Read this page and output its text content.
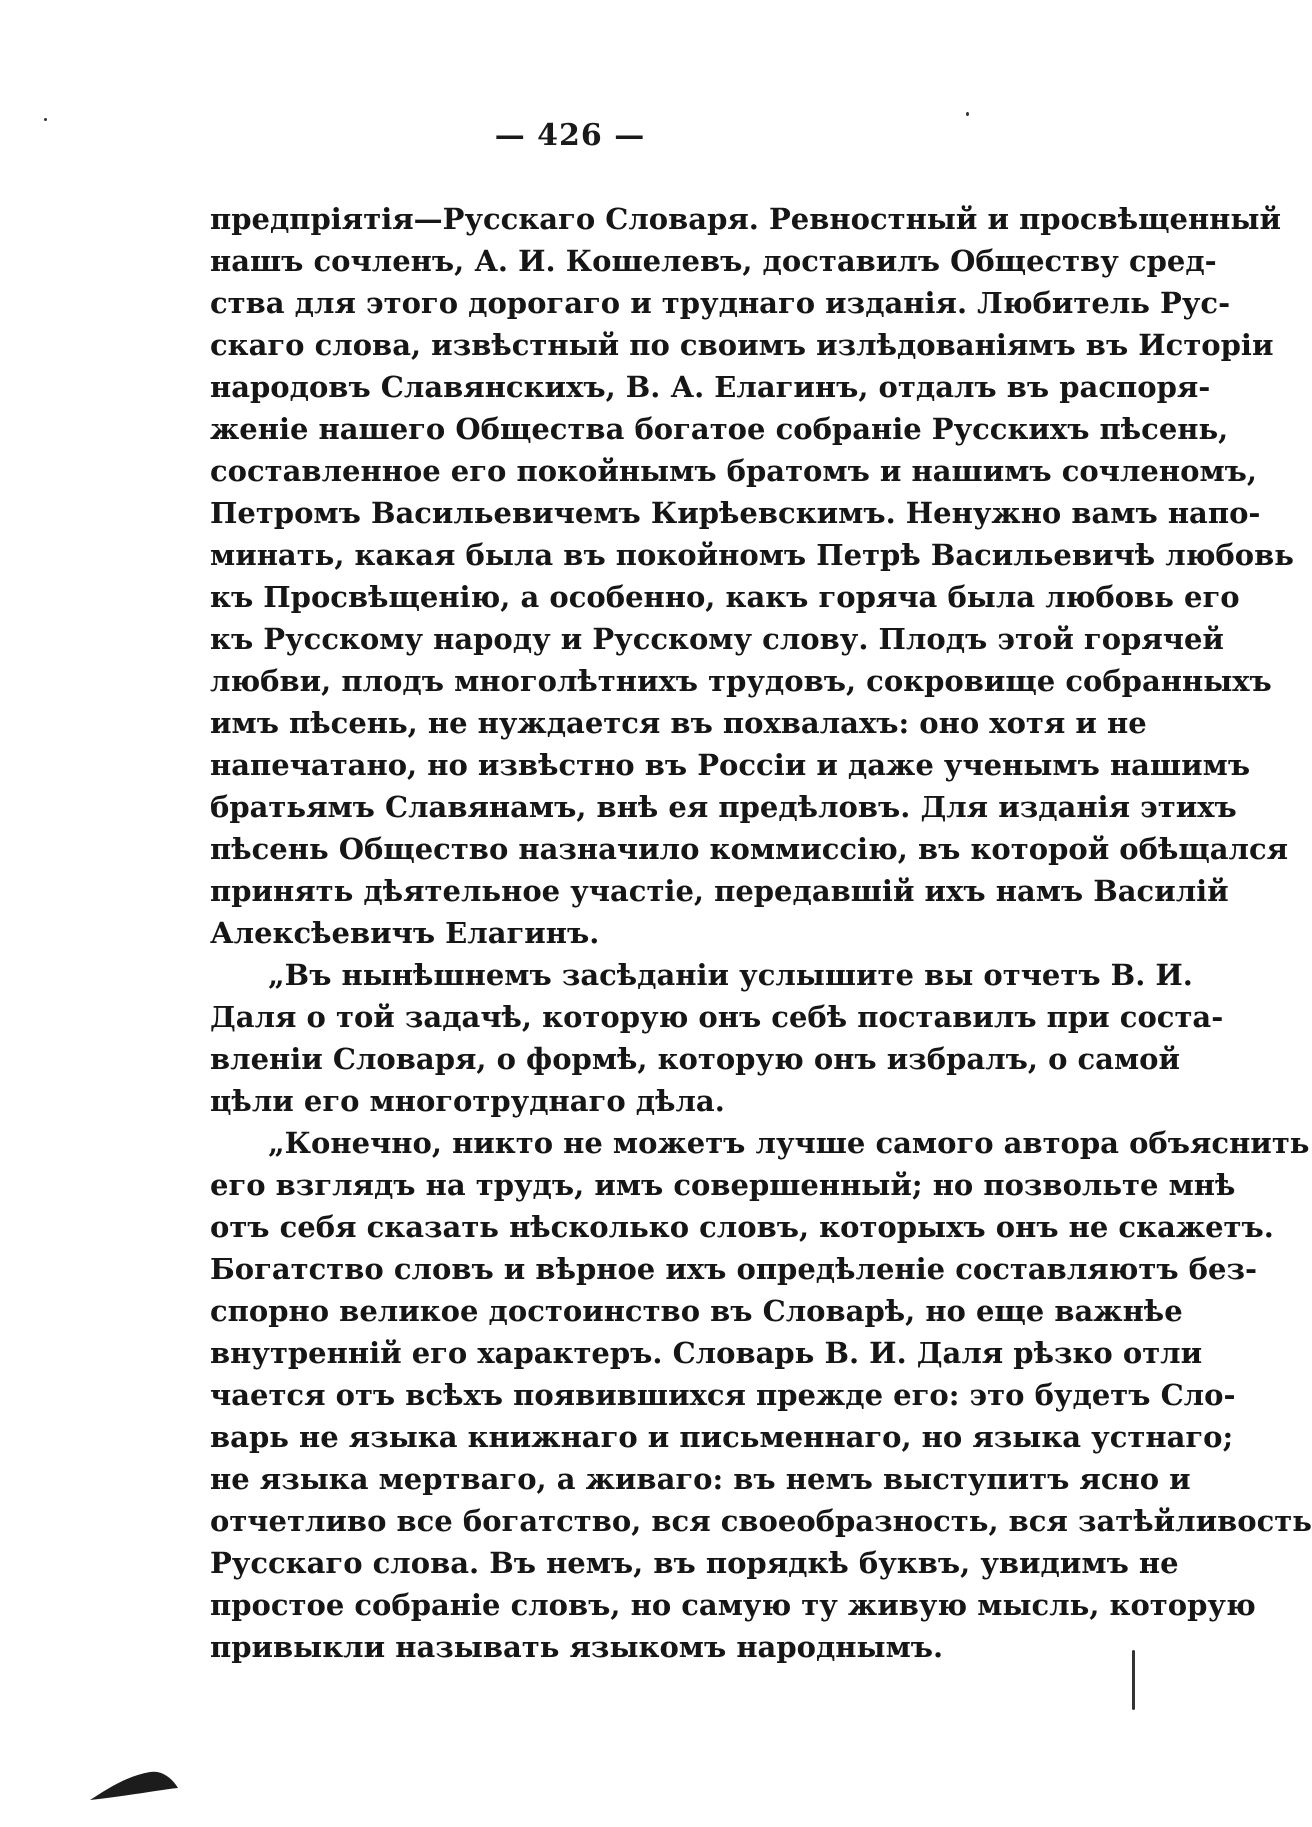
— 426 —
предпріятія—Русскаго Словаря. Ревностный и просвѣщенный
нашъ сочленъ, А. И. Кошелевъ, доставилъ Обществу сред-
ства для этого дорогаго и труднаго изданія. Любитель Рус-
скаго слова, извѣстный по своимъ излѣдованіямъ въ Исторіи
народовъ Славянскихъ, В. А. Елагинъ, отдалъ въ распоря-
женіе нашего Общества богатое собраніе Русскихъ пѣсень,
составленное его покойнымъ братомъ и нашимъ сочленомъ,
Петромъ Васильевичемъ Кирѣевскимъ. Ненужно вамъ напо-
минать, какая была въ покойномъ Петрѣ Васильевичѣ любовь
къ Просвѣщенію, а особенно, какъ горяча была любовь его
къ Русскому народу и Русскому слову. Плодъ этой горячей
любви, плодъ многолѣтнихъ трудовъ, сокровище собранныхъ
имъ пѣсень, не нуждается въ похвалахъ: оно хотя и не
напечатано, но извѣстно въ Россіи и даже ученымъ нашимъ
братьямъ Славянамъ, внѣ ея предѣловъ. Для изданія этихъ
пѣсень Общество назначило коммиссію, въ которой обѣщался
принять дѣятельное участіе, передавшій ихъ намъ Василій
Алексѣевичъ Елагинъ.
„Въ нынѣшнемъ засѣданіи услышите вы отчетъ В. И.
Даля о той задачѣ, которую онъ себѣ поставилъ при соста-
вленіи Словаря, о формѣ, которую онъ избралъ, о самой
цѣли его многотруднаго дѣла.
„Конечно, никто не можетъ лучше самого автора объяснить
его взглядъ на трудъ, имъ совершенный; но позвольте мнѣ
отъ себя сказать нѣсколько словъ, которыхъ онъ не скажетъ.
Богатство словъ и вѣрное ихъ опредѣленіе составляютъ без-
спорно великое достоинство въ Словарѣ, но еще важнѣе
внутренній его характеръ. Словарь В. И. Даля рѣзко отли
чается отъ всѣхъ появившихся прежде его: это будетъ Сло-
варь не языка книжнаго и письменнаго, но языка устнаго;
не языка мертваго, а живаго: въ немъ выступитъ ясно и
отчетливо все богатство, вся своеобразность, вся затѣйливость
Русскаго слова. Въ немъ, въ порядкѣ буквъ, увидимъ не
простое собраніе словъ, но самую ту живую мысль, которую
привыкли называть языкомъ народнымъ.
